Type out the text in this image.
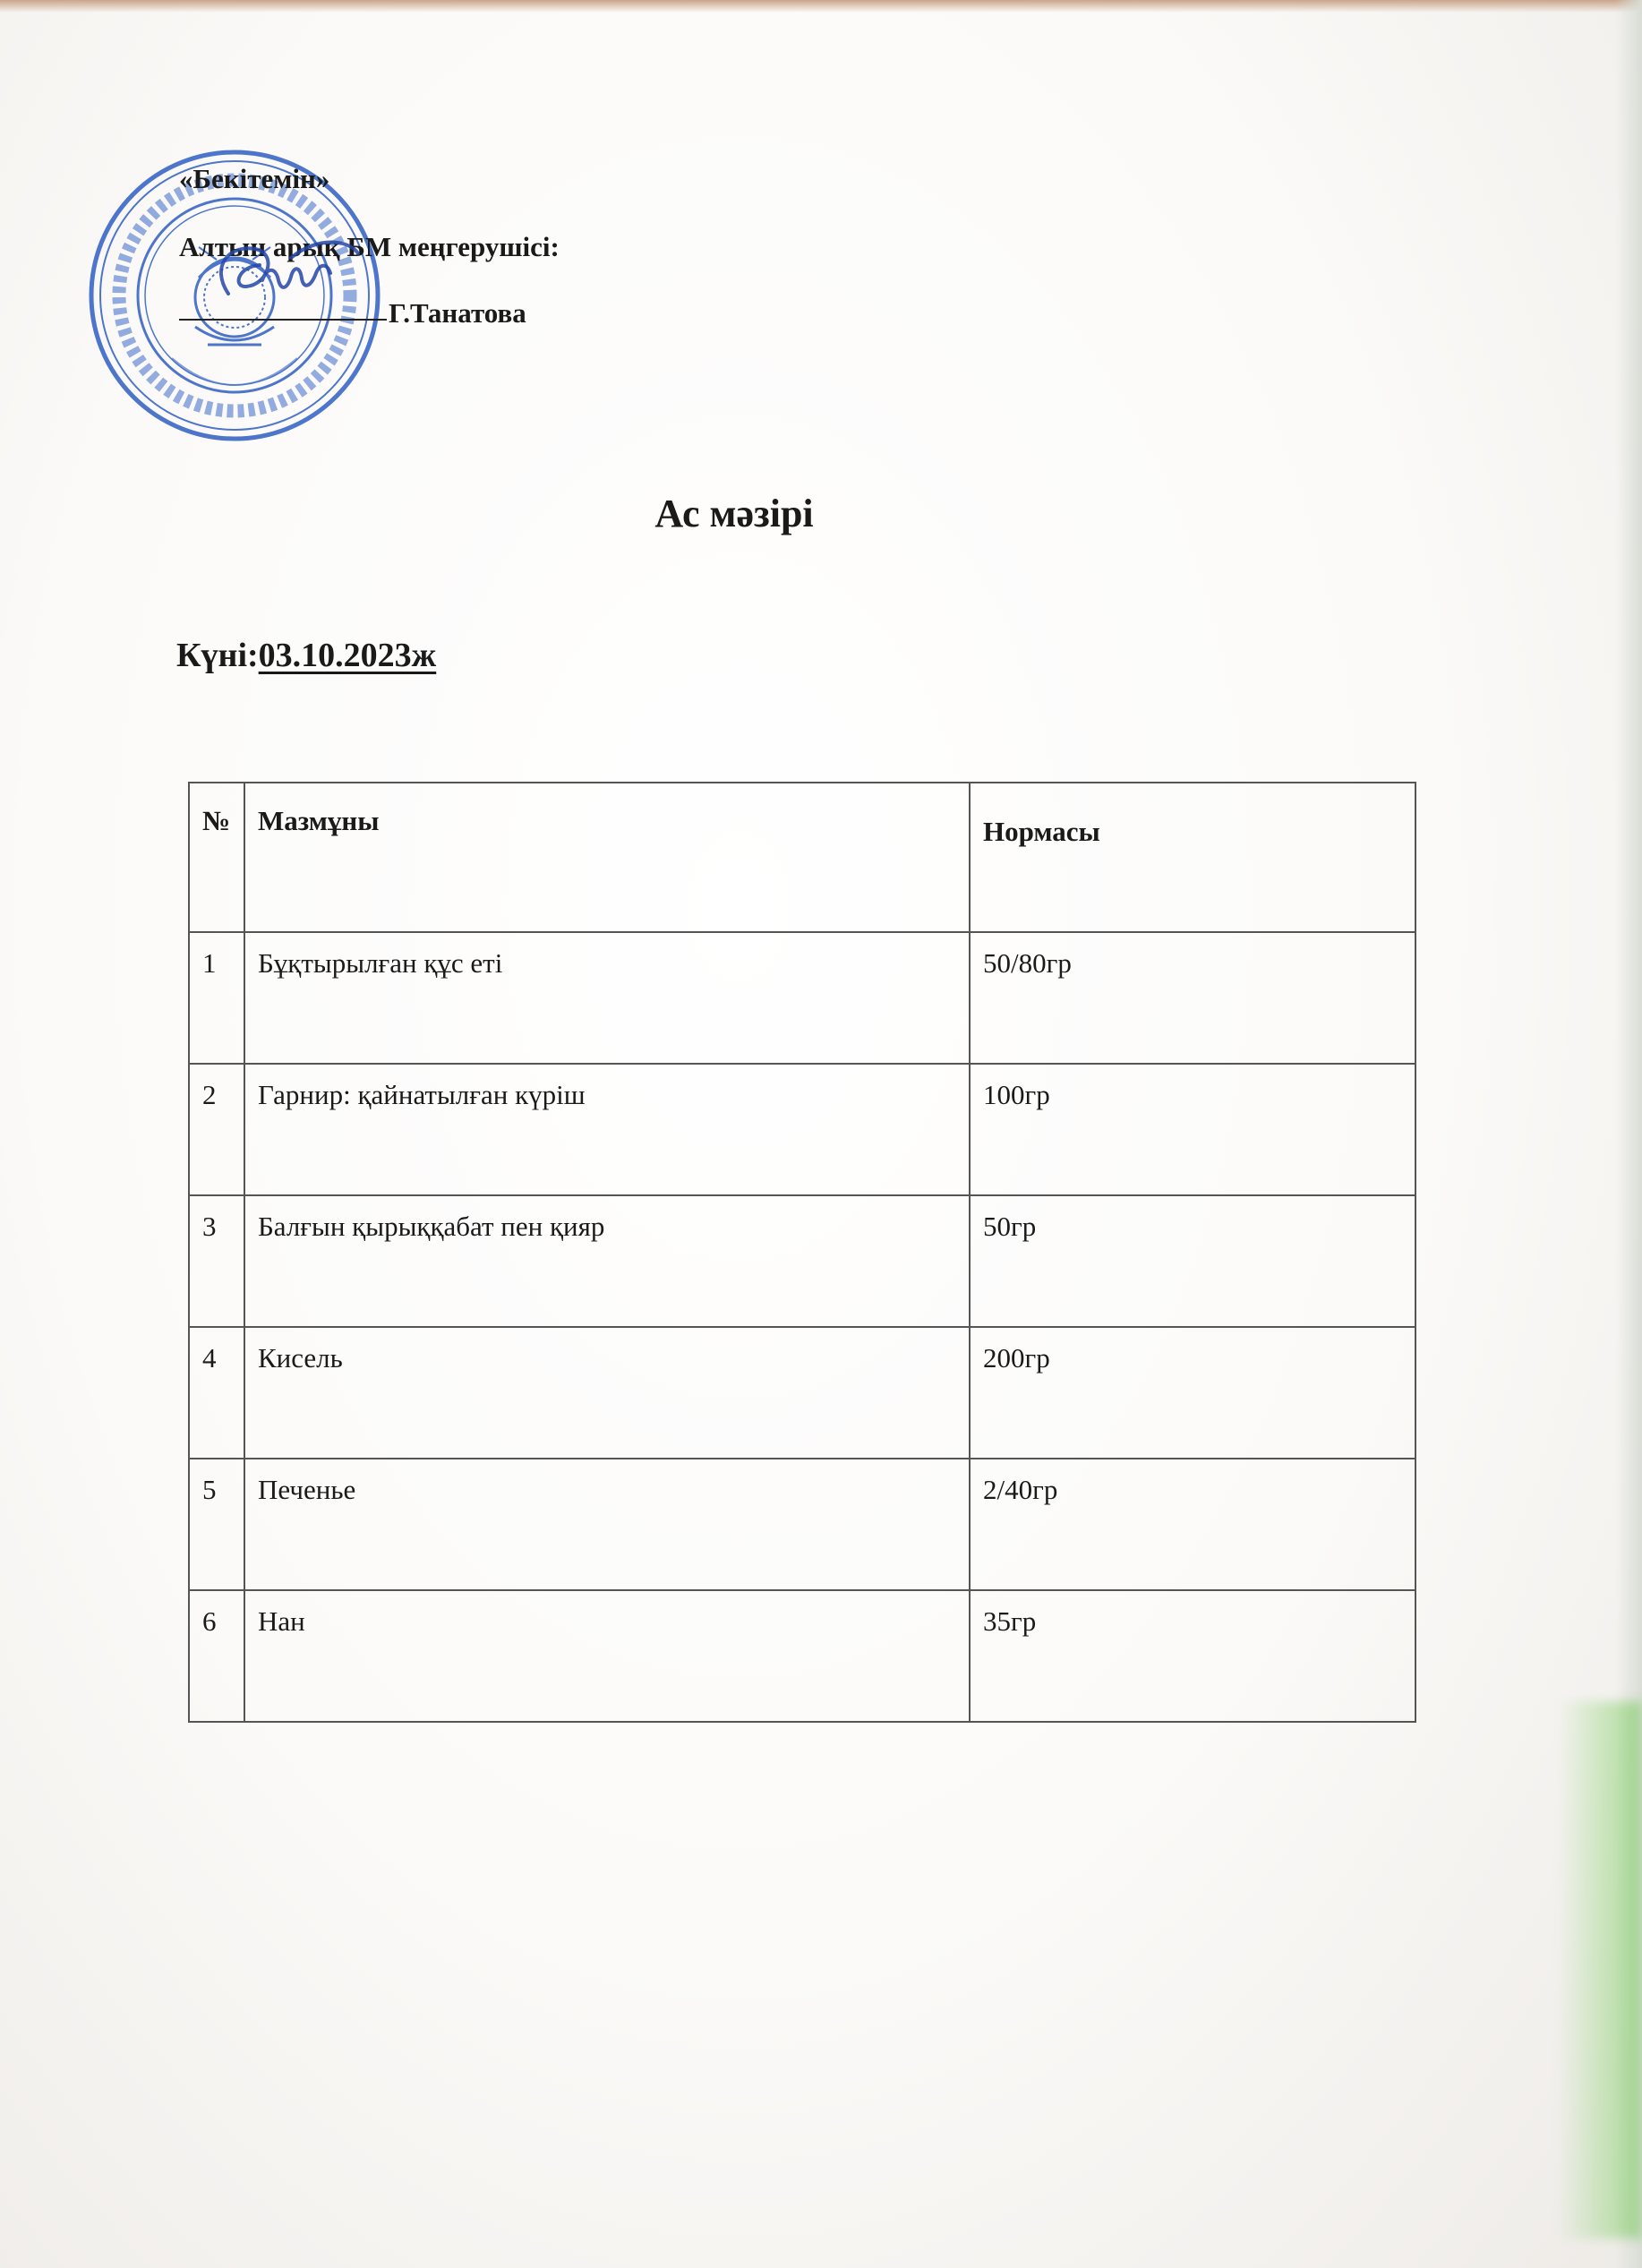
«Бекітемін»
Алтын арық БМ меңгерушісі:
Г.Танатова
Ас мәзірі
Күні:03.10.2023ж
№	Мазмұны	Нормасы
1	Бұқтырылған құс еті	50/80гр
2	Гарнир: қайнатылған күріш	100гр
3	Балғын қырыққабат пен қияр	50гр
4	Кисель	200гр
5	Печенье	2/40гр
6	Нан	35гр
